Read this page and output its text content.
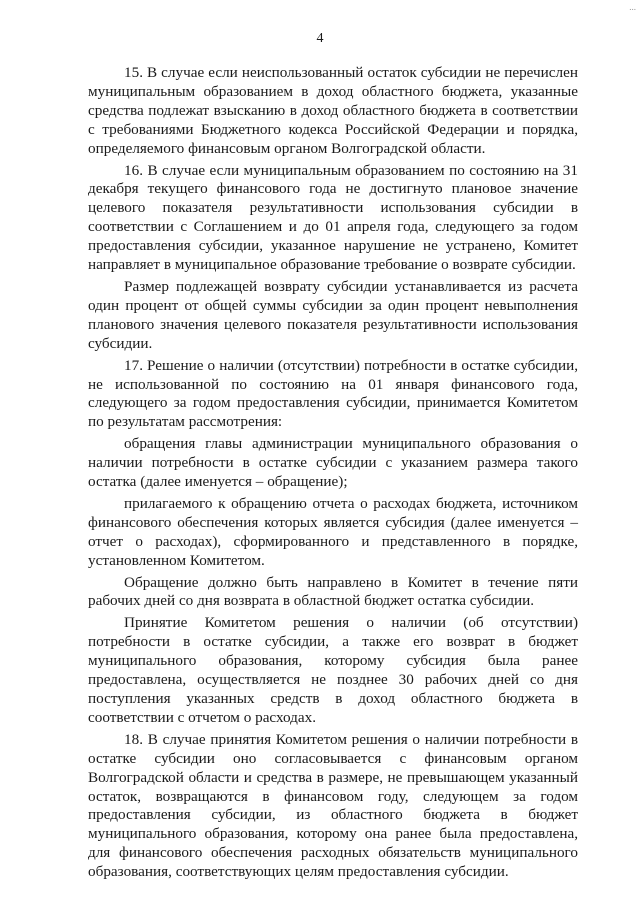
...
4

15. В случае если неиспользованный остаток субсидии не перечислен муниципальным образованием в доход областного бюджета, указанные средства подлежат взысканию в доход областного бюджета в соответствии с требованиями Бюджетного кодекса Российской Федерации и порядка, определяемого финансовым органом Волгоградской области.

16. В случае если муниципальным образованием по состоянию на 31 декабря текущего финансового года не достигнуто плановое значение целевого показателя результативности использования субсидии в соответствии с Соглашением и до 01 апреля года, следующего за годом предоставления субсидии, указанное нарушение не устранено, Комитет направляет в муниципальное образование требование о возврате субсидии.

Размер подлежащей возврату субсидии устанавливается из расчета один процент от общей суммы субсидии за один процент невыполнения планового значения целевого показателя результативности использования субсидии.

17. Решение о наличии (отсутствии) потребности в остатке субсидии, не использованной по состоянию на 01 января финансового года, следующего за годом предоставления субсидии, принимается Комитетом по результатам рассмотрения:

обращения главы администрации муниципального образования о наличии потребности в остатке субсидии с указанием размера такого остатка (далее именуется – обращение);

прилагаемого к обращению отчета о расходах бюджета, источником финансового обеспечения которых является субсидия (далее именуется – отчет о расходах), сформированного и представленного в порядке, установленном Комитетом.

Обращение должно быть направлено в Комитет в течение пяти рабочих дней со дня возврата в областной бюджет остатка субсидии.

Принятие Комитетом решения о наличии (об отсутствии) потребности в остатке субсидии, а также его возврат в бюджет муниципального образования, которому субсидия была ранее предоставлена, осуществляется не позднее 30 рабочих дней со дня поступления указанных средств в доход областного бюджета в соответствии с отчетом о расходах.

18. В случае принятия Комитетом решения о наличии потребности в остатке субсидии оно согласовывается с финансовым органом Волгоградской области и средства в размере, не превышающем указанный остаток, возвращаются в финансовом году, следующем за годом предоставления субсидии, из областного бюджета в бюджет муниципального образования, которому она ранее была предоставлена, для финансового обеспечения расходных обязательств муниципального образования, соответствующих целям предоставления субсидии.
